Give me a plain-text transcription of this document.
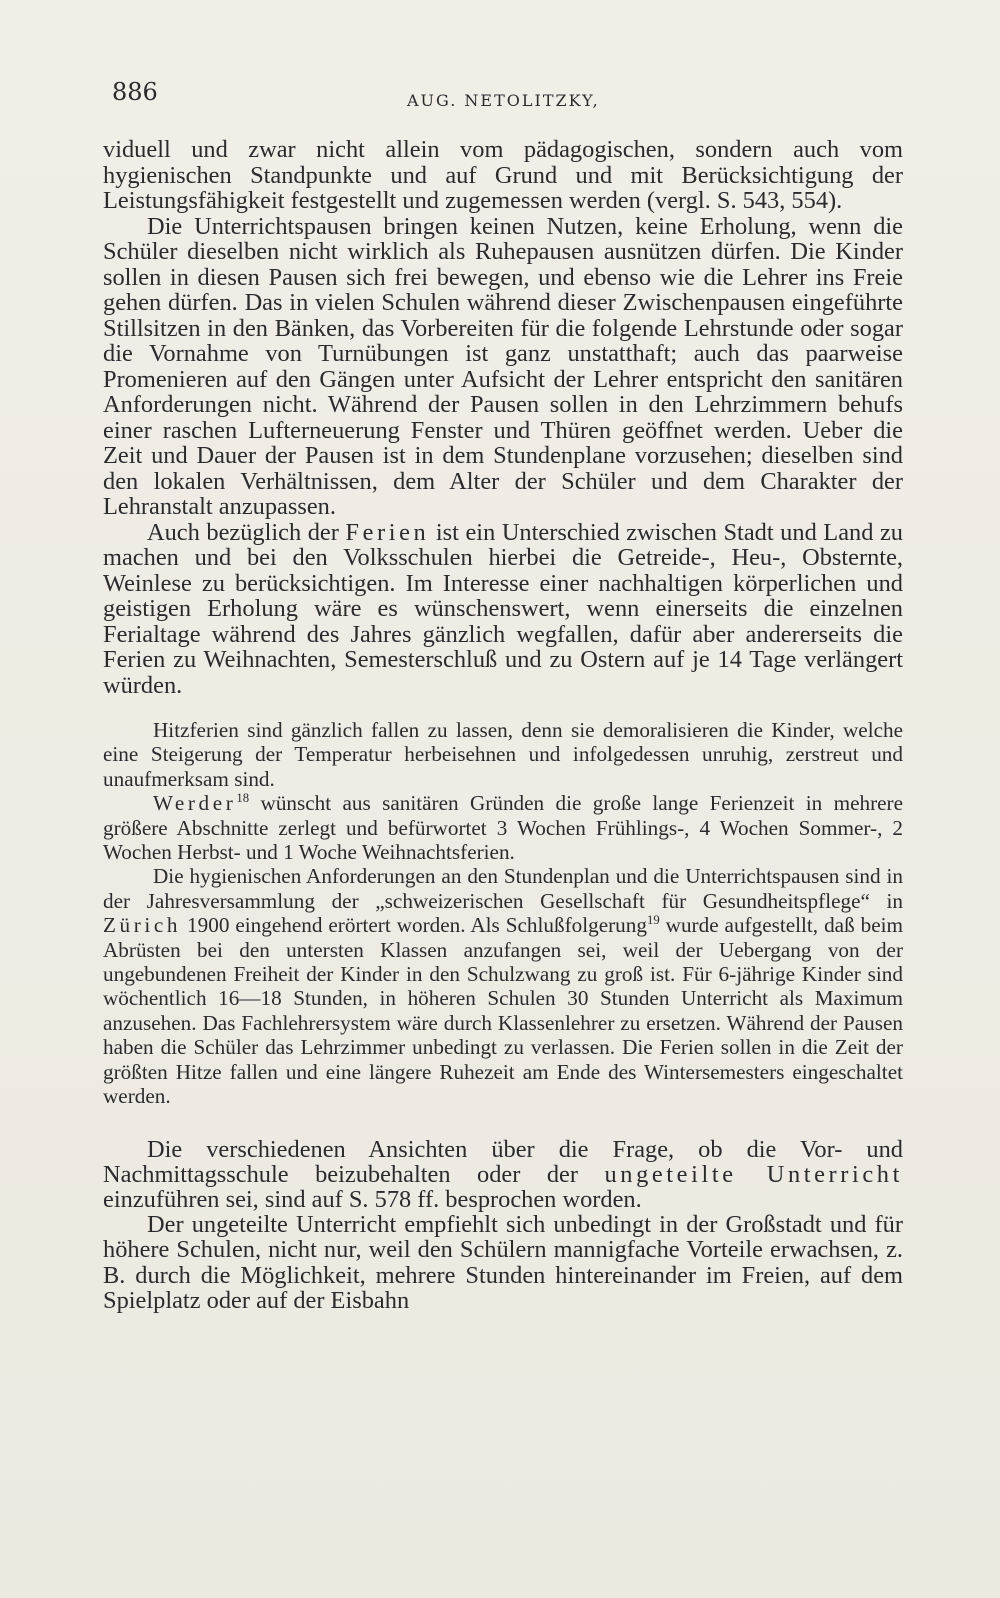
886	AUG. NETOLITZKY,

viduell und zwar nicht allein vom pädagogischen, sondern auch vom hygienischen Standpunkte und auf Grund und mit Berücksichtigung der Leistungsfähigkeit festgestellt und zugemessen werden (vergl. S. 543, 554).

Die Unterrichtspausen bringen keinen Nutzen, keine Erholung, wenn die Schüler dieselben nicht wirklich als Ruhepausen ausnützen dürfen. Die Kinder sollen in diesen Pausen sich frei bewegen, und ebenso wie die Lehrer ins Freie gehen dürfen. Das in vielen Schulen während dieser Zwischenpausen eingeführte Stillsitzen in den Bänken, das Vorbereiten für die folgende Lehrstunde oder sogar die Vornahme von Turnübungen ist ganz unstatthaft; auch das paarweise Promenieren auf den Gängen unter Aufsicht der Lehrer entspricht den sanitären Anforderungen nicht. Während der Pausen sollen in den Lehrzimmern behufs einer raschen Lufterneuerung Fenster und Thüren geöffnet werden. Ueber die Zeit und Dauer der Pausen ist in dem Stundenplane vorzusehen; dieselben sind den lokalen Verhältnissen, dem Alter der Schüler und dem Charakter der Lehranstalt anzupassen.

Auch bezüglich der Ferien ist ein Unterschied zwischen Stadt und Land zu machen und bei den Volksschulen hierbei die Getreide-, Heu-, Obsternte, Weinlese zu berücksichtigen. Im Interesse einer nachhaltigen körperlichen und geistigen Erholung wäre es wünschenswert, wenn einerseits die einzelnen Ferialtage während des Jahres gänzlich wegfallen, dafür aber andererseits die Ferien zu Weihnachten, Semesterschluß und zu Ostern auf je 14 Tage verlängert würden.

Hitzferien sind gänzlich fallen zu lassen, denn sie demoralisieren die Kinder, welche eine Steigerung der Temperatur herbeisehnen und infolgedessen unruhig, zerstreut und unaufmerksam sind.

Werder$^{18}$ wünscht aus sanitären Gründen die große lange Ferienzeit in mehrere größere Abschnitte zerlegt und befürwortet 3 Wochen Frühlings-, 4 Wochen Sommer-, 2 Wochen Herbst- und 1 Woche Weihnachtsferien.

Die hygienischen Anforderungen an den Stundenplan und die Unterrichtspausen sind in der Jahresversammlung der „schweizerischen Gesellschaft für Gesundheitspflege“ in Zürich 1900 eingehend erörtert worden. Als Schlußfolgerung$^{19}$ wurde aufgestellt, daß beim Abrüsten bei den untersten Klassen anzufangen sei, weil der Uebergang von der ungebundenen Freiheit der Kinder in den Schulzwang zu groß ist. Für 6-jährige Kinder sind wöchentlich 16—18 Stunden, in höheren Schulen 30 Stunden Unterricht als Maximum anzusehen. Das Fachlehrersystem wäre durch Klassenlehrer zu ersetzen. Während der Pausen haben die Schüler das Lehrzimmer unbedingt zu verlassen. Die Ferien sollen in die Zeit der größten Hitze fallen und eine längere Ruhezeit am Ende des Wintersemesters eingeschaltet werden.

Die verschiedenen Ansichten über die Frage, ob die Vor- und Nachmittagsschule beizubehalten oder der ungeteilte Unterricht einzuführen sei, sind auf S. 578 ff. besprochen worden.

Der ungeteilte Unterricht empfiehlt sich unbedingt in der Großstadt und für höhere Schulen, nicht nur, weil den Schülern mannigfache Vorteile erwachsen, z. B. durch die Möglichkeit, mehrere Stunden hintereinander im Freien, auf dem Spielplatz oder auf der Eisbahn
